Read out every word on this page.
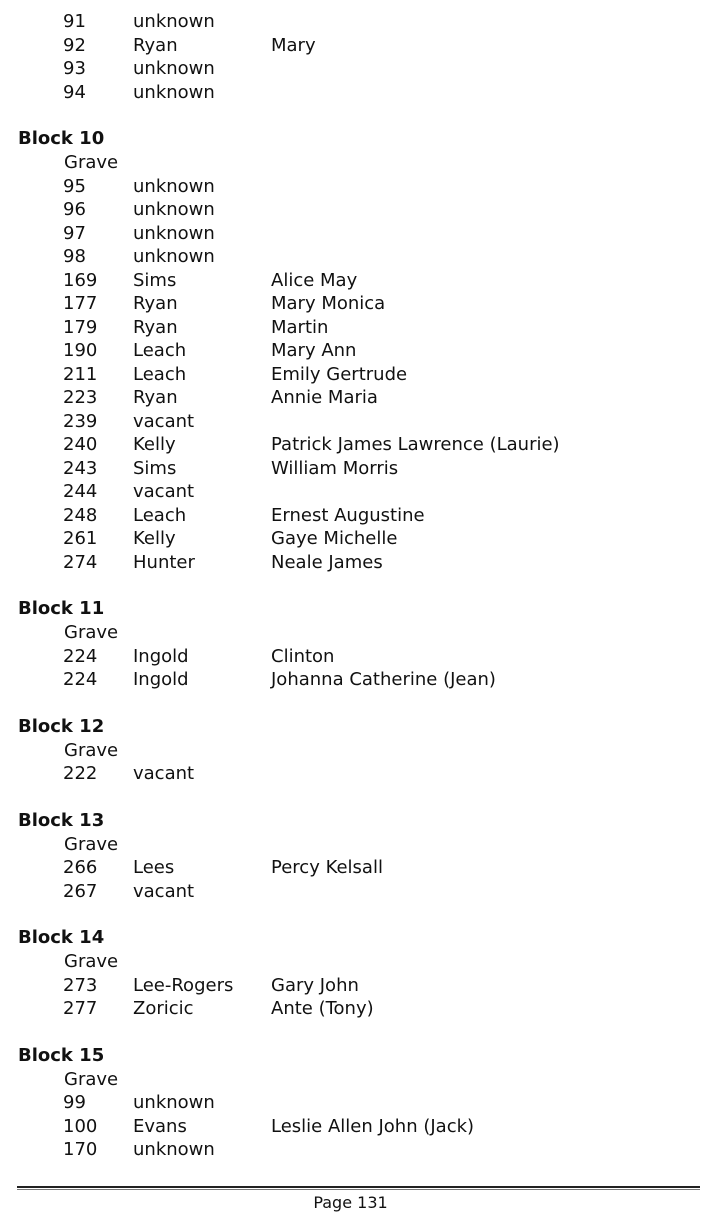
91	unknown
92	Ryan	Mary
93	unknown
94	unknown
Block 10
Grave
95	unknown
96	unknown
97	unknown
98	unknown
169	Sims	Alice May
177	Ryan	Mary Monica
179	Ryan	Martin
190	Leach	Mary Ann
211	Leach	Emily Gertrude
223	Ryan	Annie Maria
239	vacant
240	Kelly	Patrick James Lawrence (Laurie)
243	Sims	William Morris
244	vacant
248	Leach	Ernest Augustine
261	Kelly	Gaye Michelle
274	Hunter	Neale James
Block 11
Grave
224	Ingold	Clinton
224	Ingold	Johanna Catherine (Jean)
Block 12
Grave
222	vacant
Block 13
Grave
266	Lees	Percy Kelsall
267	vacant
Block 14
Grave
273	Lee-Rogers	Gary John
277	Zoricic	Ante (Tony)
Block 15
Grave
99	unknown
100	Evans	Leslie Allen John (Jack)
170	unknown
Page 131
